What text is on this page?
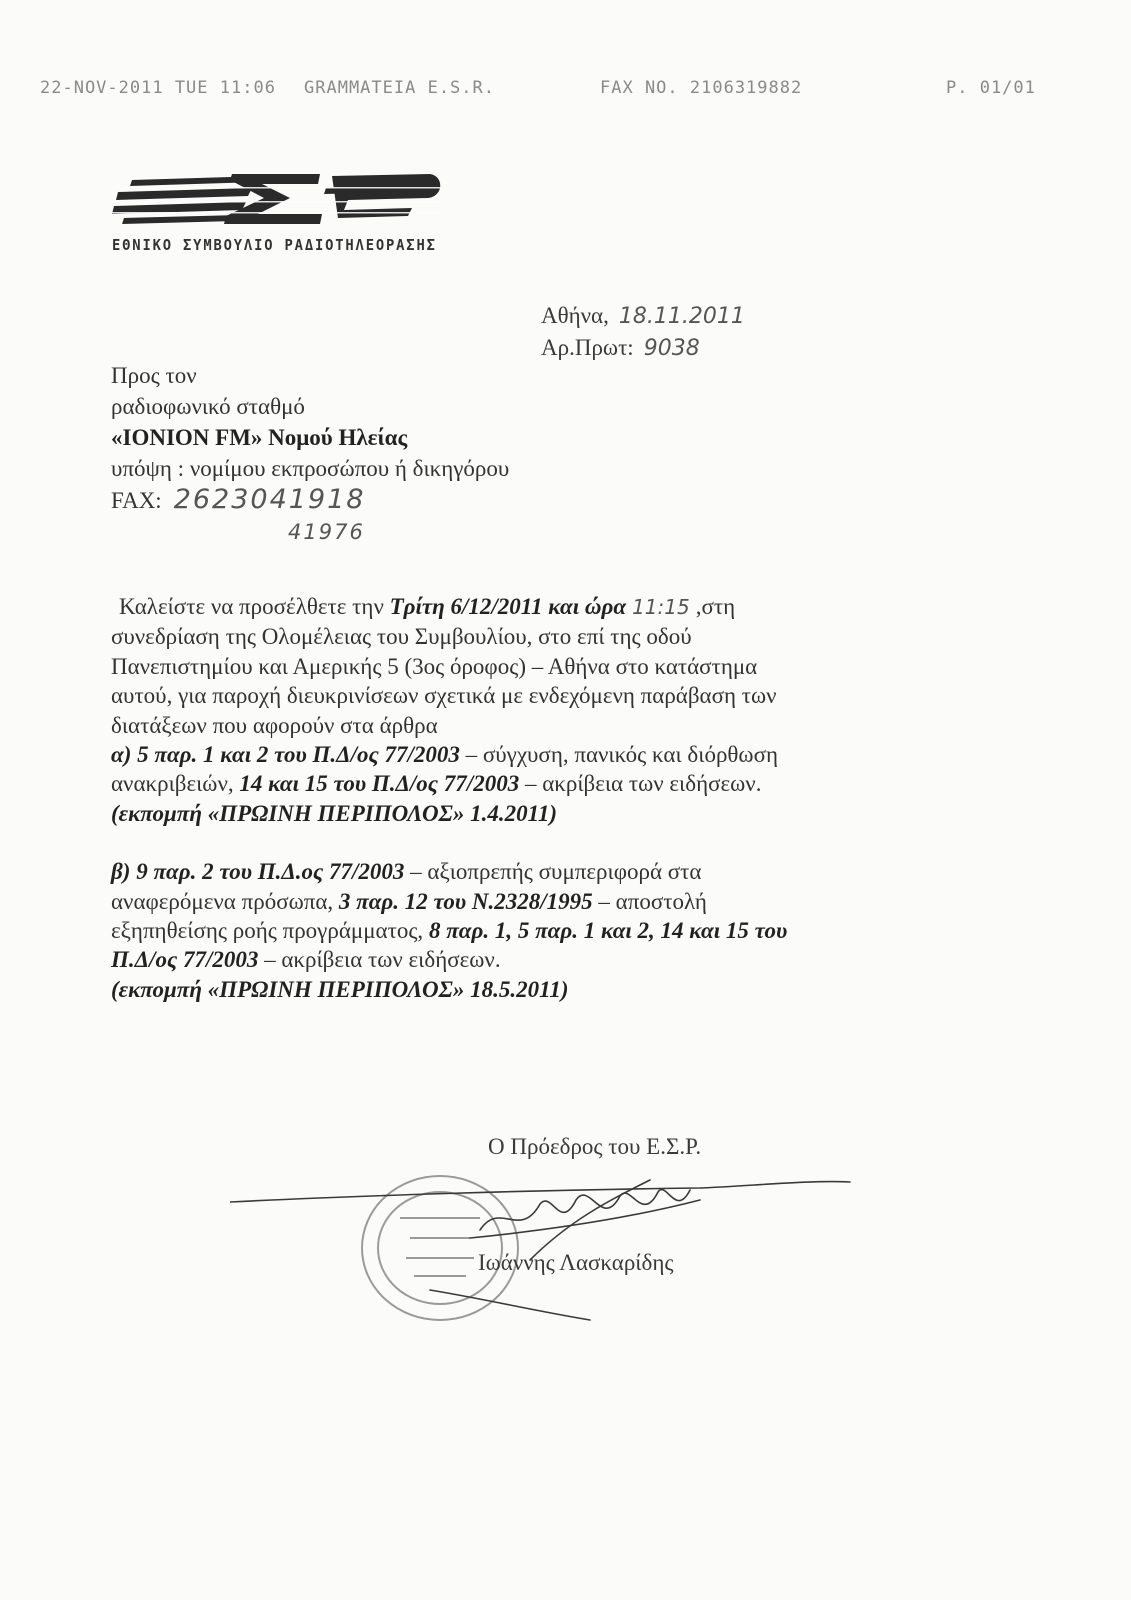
22-NOV-2011 TUE 11:06 GRAMMATEIA E.S.R.	FAX NO. 2106319882	P. 01/01
ΕΘΝΙΚΟ ΣΥΜΒΟΥΛΙΟ ΡΑΔΙΟΤΗΛΕΟΡΑΣΗΣ
Αθήνα, 18.11.2011
Αρ.Πρωτ: 9038
Προς τον
ραδιοφωνικό σταθμό
«ΙΟΝΙΟΝ FM» Νομού Ηλείας
υπόψη : νομίμου εκπροσώπου ή δικηγόρου
FAX: 2623041918
41976

Καλείστε να προσέλθετε την Τρίτη 6/12/2011 και ώρα 11:15 ,στη

συνεδρίαση της Ολομέλειας του Συμβουλίου, στο επί της οδού

Πανεπιστημίου και Αμερικής 5 (3ος όροφος) – Αθήνα στο κατάστημα

αυτού, για παροχή διευκρινίσεων σχετικά με ενδεχόμενη παράβαση των

διατάξεων που αφορούν στα άρθρα

α) 5 παρ. 1 και 2 του Π.Δ/ος 77/2003 – σύγχυση, πανικός και διόρθωση

ανακριβειών, 14 και 15 του Π.Δ/ος 77/2003 – ακρίβεια των ειδήσεων.

(εκπομπή «ΠΡΩΙΝΗ ΠΕΡΙΠΟΛΟΣ» 1.4.2011)

β) 9 παρ. 2 του Π.Δ.ος 77/2003 – αξιοπρεπής συμπεριφορά στα

αναφερόμενα πρόσωπα, 3 παρ. 12 του Ν.2328/1995 – αποστολή

εξηπηθείσης ροής προγράμματος, 8 παρ. 1, 5 παρ. 1 και 2, 14 και 15 του

Π.Δ/ος 77/2003 – ακρίβεια των ειδήσεων.

(εκπομπή «ΠΡΩΙΝΗ ΠΕΡΙΠΟΛΟΣ» 18.5.2011)

Ο Πρόεδρος του Ε.Σ.Ρ.
Ιωάννης Λασκαρίδης
